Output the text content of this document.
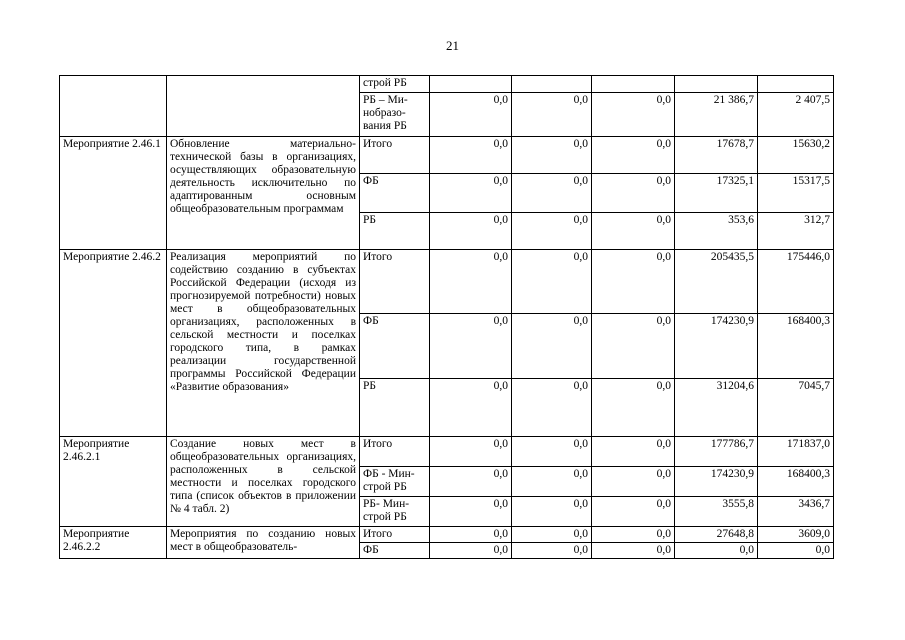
21
		строй РБ					
		РБ – Ми-нобразо-вания РБ	0,0	0,0	0,0	21 386,7	2 407,5
Мероприятие 2.46.1	Обновление материально-технической базы в организациях, осуществляющих образовательную деятельность исключительно по адаптированным основным общеобразовательным программам	Итого	0,0	0,0	0,0	17678,7	15630,2
		ФБ	0,0	0,0	0,0	17325,1	15317,5
		РБ	0,0	0,0	0,0	353,6	312,7
Мероприятие 2.46.2	Реализация мероприятий по содействию созданию в субъектах Российской Федерации (исходя из прогнозируемой потребности) новых мест в общеобразовательных организациях, расположенных в сельской местности и поселках городского типа, в рамках реализации государственной программы Российской Федерации «Развитие образования»	Итого	0,0	0,0	0,0	205435,5	175446,0
		ФБ	0,0	0,0	0,0	174230,9	168400,3
		РБ	0,0	0,0	0,0	31204,6	7045,7
Мероприятие 2.46.2.1	Создание новых мест в общеобразовательных организациях, расположенных в сельской местности и поселках городского типа (список объектов в приложении № 4 табл. 2)	Итого	0,0	0,0	0,0	177786,7	171837,0
		ФБ - Мин-строй РБ	0,0	0,0	0,0	174230,9	168400,3
		РБ- Мин-строй РБ	0,0	0,0	0,0	3555,8	3436,7
Мероприятие 2.46.2.2	Мероприятия по созданию новых мест в общеобразователь-	Итого	0,0	0,0	0,0	27648,8	3609,0
		ФБ	0,0	0,0	0,0	0,0	0,0
